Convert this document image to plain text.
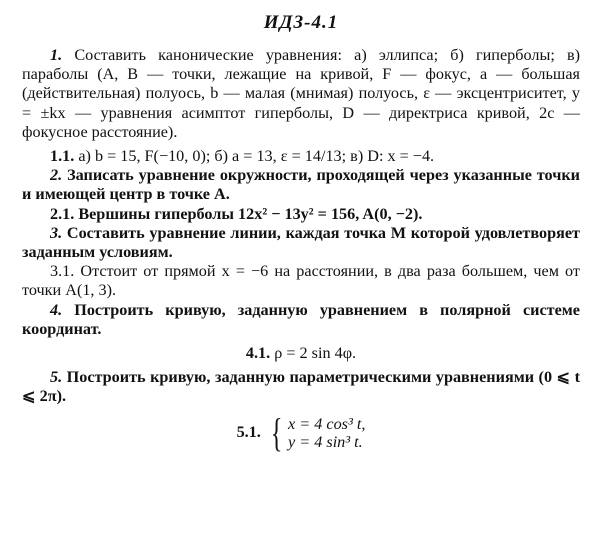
ИДЗ-4.1

1. Составить канонические уравнения: а) эллипса; б) гиперболы; в) параболы (A, B — точки, лежащие на кривой, F — фокус, a — большая (действительная) полуось, b — малая (мнимая) полуось, ε — эксцентриситет, y = ±kx — уравнения асимптот гиперболы, D — директриса кривой, 2c — фокусное расстояние).

1.1. а) b = 15, F(−10, 0); б) a = 13, ε = 14/13; в) D: x = −4.

2. Записать уравнение окружности, проходящей через указанные точки и имеющей центр в точке A.

2.1. Вершины гиперболы 12x² − 13y² = 156, A(0, −2).

3. Составить уравнение линии, каждая точка M которой удовлетворяет заданным условиям.

3.1. Отстоит от прямой x = −6 на расстоянии, в два раза большем, чем от точки A(1, 3).

4. Построить кривую, заданную уравнением в полярной системе координат.

4.1. ρ = 2 sin 4φ.

5. Построить кривую, заданную параметрическими уравнениями (0 ⩽ t ⩽ 2π).

5.1. { x = 4 cos³ t,
y = 4 sin³ t.
